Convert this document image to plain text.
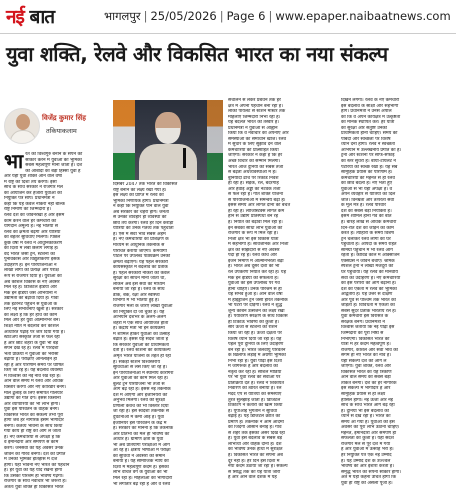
नई बात	भागलपुर | 25/05/2026 | Page 6 | www.epaper.naibaatnews.com
युवा शक्ति, रेलवे और विकसित भारत का नया संकल्प
विजेंद्र कुमार सिंह
तकियाकलाम
भा रत को विश्वगुरु बनाने के सपने को
साकार करने में युवाओं की भूमिका
सबसे महत्वपूर्ण मानी जाती है। देश
की आबादी का बड़ा हिस्सा युवा है
और यही युवा शक्ति आने वाले वर्षों
में राष्ट्र की दिशा तय करेगी। इसी
सोच के साथ सरकार ने रोजगार मेले
का आयोजन कर हजारों युवाओं को
नियुक्ति पत्र सौंपे। प्रधानमंत्री ने
कहा कि यह केवल नौकरी नहीं बल्कि
राष्ट्र निर्माण की जिम्मेदारी है।
रेलवे देश की जीवनरेखा है और इसमें
काम करने वाले हर कर्मचारी का
योगदान अमूल्य है। नई भर्तियों से
रेलवे की क्षमता बढ़ेगी और यात्रियों
को बेहतर सुविधाएं मिलेंगी। पिछले
कुछ वर्षों में रेलवे ने आधुनिकीकरण
की दिशा में लंबी छलांग लगाई है।
वंदे भारत जैसी ट्रेनें, स्टेशनों का
पुनर्विकास और विद्युतीकरण इसके
उदाहरण हैं। इन परियोजनाओं ने
लाखों लोगों को प्रत्यक्ष और परोक्ष
रूप से रोजगार दिया है। युवाओं को
अब कौशल विकास के नए अवसर
मिल रहे हैं। डिजिटल इंडिया और
मेक इन इंडिया जैसे अभियानों ने
उद्यमिता को बढ़ावा दिया है। गांवों
तक इंटरनेट पहुंचने से युवाओं के
लिए नई संभावनाएं खुली हैं। सरकार
का लक्ष्य है कि हर हाथ को काम
मिले और हर युवा आत्मनिर्भर बने।
शिक्षा नीति में बदलाव कर कौशल
आधारित पढ़ाई पर जोर दिया गया है।
स्टार्टअप संस्कृति तेजी से फैल रही
है और छोटे शहरों के युवा भी बड़े
सपने देख रहे हैं। रेलवे में पारदर्शी
भर्ती प्रक्रिया ने युवाओं का भरोसा
बढ़ाया है। परीक्षाएं ऑनलाइन हो
रही हैं और परिणाम समय पर घोषित
किए जा रहे हैं। यह बदलाव व्यवस्था
में विश्वास की नई नींव रख रहा है।
आने वाले समय में रेलवे और अधिक
विस्तार करेगा और नए कॉरिडोर बनेंगे।
माल ढुलाई के लिए समर्पित गलियारे
उद्योगों को गति देंगे। इससे किसानों
और व्यापारियों को भी लाभ होगा।
युवा इस परिवर्तन के वाहक बनेंगे।
विकसित भारत का संकल्प तभी पूरा
होगा जब हर नागरिक इसमें भागीदार
बनेगा। कर्तव्य भावना के साथ किया
गया कार्य ही राष्ट्र को आगे ले जाता
है। नए कर्मचारियों से अपेक्षा है कि
वे ईमानदारी और समर्पण से काम
करेंगे। जनसेवा का यह अवसर उनके
जीवन का गौरव बनेगा। देश की प्रगति
में उनकी भूमिका इतिहास में दर्ज
होगी। यही भावना नए भारत की पहचान
है। हर युवा को यह याद रखना होगा
कि उसका परिश्रम ही भविष्य गढ़ेगा।
रोजगार के साथ नवाचार भी जरूरी है।
अंततः युवा शक्ति ही विकसित भारत
दिसंबर 2047 तक भारत को विकसित
राष्ट्र बनाने का लक्ष्य रखा गया है।
इस लक्ष्य की प्राप्ति में रेलवे की
भूमिका निर्णायक होगी। प्रधानमंत्री
ने कहा कि नियुक्ति पाने वाले युवा
अब सरकार का चेहरा होंगे। जनता
से उनका व्यवहार ही व्यवस्था की
छवि तय करेगा। रेलवे हर दिन करोड़ों
यात्रियों को उनके गंतव्य तक पहुंचाती
है। ऐसे में सेवा भाव सबसे अहम
है। नए कर्मचारियों को प्रशिक्षण के
माध्यम से आधुनिक तकनीक से
परिचित कराया जाएगा। कर्मयोगी
पोर्टल पर उपलब्ध पाठ्यक्रम उनकी
क्षमता बढ़ाएंगे। यह पहल सरकारी
कार्यसंस्कृति में बदलाव का प्रतीक
है। पहले सरकारी नौकरी को केवल
सुरक्षा का साधन माना जाता था,
लेकिन अब इसे सेवा का माध्यम
बनाया जा रहा है। रेलवे के साथ
डाक, बैंक, रक्षा और स्वास्थ्य
विभागों में भी भर्तियां हुई हैं।
रोजगार मेलों के जरिए लाखों युवाओं
को नियुक्ति दी जा चुकी है। यह
अभियान देशभर के अलग-अलग
शहरों में एक साथ आयोजित होता
है। केंद्रीय मंत्री भी इन कार्यक्रमों
में शामिल होकर युवाओं का उत्साह
बढ़ाते हैं। इससे यह संदेश जाता है
कि सरकार युवाओं को प्राथमिकता
देती है। रेलवे स्टेशनों का कायाकल्प
अमृत भारत योजना के तहत हो रहा
है। सैकड़ों स्टेशन विश्वस्तरीय
सुविधाओं से लैस किए जा रहे हैं।
इन परियोजनाओं में स्थानीय कारीगरों
और युवाओं को काम मिल रहा है।
बुलेट ट्रेन परियोजना भी तेजी से
आगे बढ़ रही है। इससे नई तकनीक
देश में आएगी और इंजीनियरों को
अनुभव मिलेगा। रेलवे की सुरक्षा
प्रणाली कवच को भी विस्तार दिया
जा रहा है। इस स्वदेशी तकनीक से
दुर्घटनाओं में कमी आई है। युवा
इंजीनियर इस परिवर्तन के केंद्र में
हैं। सरकार का मानना है कि तकनीक
और प्रतिभा का मेल ही भविष्य का
आधार है। ग्रामीण क्षेत्रों के युवा
भी अब प्रतियोगी परीक्षाओं में आगे
आ रहे हैं। क्षेत्रीय भाषाओं में परीक्षा
की सुविधा ने अवसरों को समान
बनाया है। यह सामाजिक न्याय की
दिशा में महत्वपूर्ण कदम है। इसका
लाभ वंचित वर्ग के युवाओं को भी
मिल रहा है। महिलाओं की भागीदारी
भी लगातार बढ़ रही है और वे रेलवे
संचालन से लेकर प्रबंधन तक हर
क्षेत्र में अपनी पहचान बना रही हैं।
लोको पायलट से स्टेशन मास्टर तक
महिलाएं जिम्मेदारी निभा रही हैं।
यह बदलते भारत की तस्वीर है।
प्रधानमंत्री ने युवाओं से आह्वान
किया कि वे नवाचार को अपनाएं और
समस्याओं का समाधान खोजें। रेलवे
में सुधार के लिए सुझाव देने वाले
कर्मचारियों को प्रोत्साहित किया
जाएगा। सरकार ने कहा है कि हर
अच्छे विचार को सम्मान मिलेगा।
भारत आज दुनिया की सबसे तेजी
से बढ़ती अर्थव्यवस्थाओं में है।
बुनियादी ढांचे पर रिकॉर्ड निवेश
हो रहा है। सड़क, रेल, बंदरगाह
और हवाई अड्डों का नेटवर्क तेजी
से फैल रहा है। गति शक्ति योजना
से परियोजनाओं में समन्वय बढ़ा है।
इससे समय और लागत दोनों की बचत
हो रही है। लॉजिस्टिक्स लागत कम
होने से उद्योग प्रतिस्पर्धी बन रहे
हैं। निर्यात को बढ़ावा मिल रहा है।
इन सबका सीधा लाभ युवाओं को
रोजगार के रूप में मिल रहा है।
निजी क्षेत्र भी इस विकास यात्रा
में सहभागी है। सार्वजनिक और निजी
क्षेत्र की साझेदारी से नए अवसर
पैदा हो रहे हैं। रेलवे कोच और
इंजन निर्माण में आत्मनिर्भरता बढ़ी
है। भारत अब दूसरे देशों को भी
रेल उपकरण निर्यात कर रहा है। यह
मेक इन इंडिया की सफलता है।
युवाओं को इस उपलब्धि पर गर्व
होना चाहिए। उनके परिश्रम से ही
यह संभव हुआ है। आने वाले वर्षों
में हाइड्रोजन ट्रेन जैसी हरित तकनीक
भी पटरी पर दौड़ेगी। रेलवे ने शुद्ध
शून्य कार्बन उत्सर्जन का लक्ष्य रखा
है। पर्यावरण संरक्षण के साथ विकास
ही टिकाऊ भविष्य की कुंजी है।
सौर ऊर्जा से स्टेशनों को रोशन
किया जा रहा है। ऊर्जा दक्षता पर
विशेष ध्यान दिया जा रहा है। यह
पहल पूरी दुनिया के लिए उदाहरण
बन रही है। भारत जलवायु परिवर्तन
के खिलाफ लड़ाई में अग्रणी भूमिका
निभा रहा है। युवा पीढ़ी इस दिशा
में जागरूक है और बदलाव का
नेतृत्व कर रही है। सोशल मीडिया
पर भी युवा रेलवे की सेवाओं पर
प्रतिक्रिया देते हैं। रेलवे ने शिकायत
निवारण को त्वरित बनाया है। रेल
मदद ऐप से यात्रियों की समस्याएं
तुरंत सुलझाई जाती हैं। डिजिटल
टिकटिंग ने कतारों को खत्म किया
है। यूपीआई भुगतान ने सुविधा
बढ़ाई है। यह डिजिटल क्रांति का
प्रमाण है। तकनीक ने आम आदमी
की जिंदगी आसान बनाई है। गांव
से शहर तक इसका असर दिख रहा
है। युवा इस बदलाव के सबसे बड़े
लाभार्थी और वाहक दोनों हैं। देश
का भविष्य उनके हाथों में सुरक्षित
है। विकसित भारत का सपना अब
दूर नहीं है। हर दिन इस दिशा में
नया कदम उठाया जा रहा है। संकल्प
से सिद्धि तक की यह यात्रा जारी
है और आने वाले दशक में यह
दिखने लगेगा। रेलवे के नए कर्मचारी
इस बदलाव के साक्षी और सहभागी
होंगे। प्रधानमंत्री ने उनसे अपील
की कि वे अपने कार्यक्षेत्र में उत्कृष्टता
का मानक स्थापित करें। हर यात्री
की सुरक्षा और संतुष्टि उनकी
प्राथमिकता होनी चाहिए। समय की
पाबंदी और स्वच्छता पर विशेष
ध्यान देना होगा। रेलवे ने स्वच्छता
अभियान में उल्लेखनीय प्रगति की है।
ट्रेनों और स्टेशनों पर साफ-सफाई
का स्तर सुधरा है। बायो-टॉयलेट ने
पटरियों को स्वच्छ रखा है। यह सब
सामूहिक प्रयास का परिणाम है।
कर्मचारियों की मेहनत से ही रेलवे
की छवि बदली है। नए भर्ती हुए
युवाओं से भी यही अपेक्षा है। वे
अपने व्यवहार से यात्रियों का दिल
जीतें। विनम्रता और तत्परता सेवा
के मूल मंत्र हैं। रेलवे परिवार
देश का सबसे बड़ा नियोक्ता है।
इसमें शामिल होना गर्व की बात
है। बारह लाख से अधिक कर्मचारी
दिन-रात देश को जोड़ने का काम
करते हैं। त्योहारों के समय विशेष
ट्रेनें चलाकर रेलवे लोगों को घर
पहुंचाती है। आपदा के समय राहत
सामग्री पहुंचाने में भी रेलवे आगे
रहती है। कोविड काल में ऑक्सीजन
एक्सप्रेस ने जीवन बचाए। श्रमिक
स्पेशल ट्रेनों ने लाखों मजदूरों को
घर पहुंचाया। यह रेलवे की मानवीय
सेवा का उदाहरण है। नए कर्मचारियों
को इस परंपरा को आगे बढ़ाना है।
देश की एकता में रेलवे की भूमिका
अद्वितीय है। यह उत्तर से दक्षिण
और पूर्व से पश्चिम तक भारत को
जोड़ती है। विविधता में एकता का
सबसे सुंदर प्रतीक भारतीय रेल है।
युवा कर्मचारी इस विरासत के
संरक्षक बनेंगे। प्रधानमंत्री ने
विश्वास जताया कि नई पीढ़ी इस
जिम्मेदारी को पूरी निष्ठा से
निभाएगी। विकसित भारत की
यात्रा में हर कदम महत्वपूर्ण है।
रोजगार, कौशल और सेवा भाव का
संगम ही नए भारत की नींव है।
यही संकल्प देश को आगे ले
जाएगा। युवा शक्ति, रेलवे और
विकसित भारत का यह त्रिकोण
आने वाले समय की सबसे बड़ी
ताकत बनेगा। देश का हर नागरिक
इस संकल्प में भागीदार है और
सामूहिक प्रयास से ही लक्ष्य
हासिल होगा। नई ऊर्जा और नई
सोच के साथ भारत आगे बढ़ रहा
है। दुनिया भी इस बदलाव को
ध्यान से देख रही है। भारत का
समय आ गया है। युवाओं को इस
अवसर का पूरा लाभ उठाना चाहिए।
मेहनत, ईमानदारी और समर्पण ही
सफलता की कुंजी है। यही संदेश
रोजगार मेले से पूरे देश में गया
है और युवाओं में उत्साह भरा है।
हर नियुक्ति पत्र एक नई उम्मीद
है। यह उम्मीद देश के उज्ज्वल
भविष्य की ओर इशारा करती है।
समृद्ध भारत का सपना साकार होगा।
अंत में यही कहना उचित होगा कि
युवा ही राष्ट्र की असली पूंजी हैं।
